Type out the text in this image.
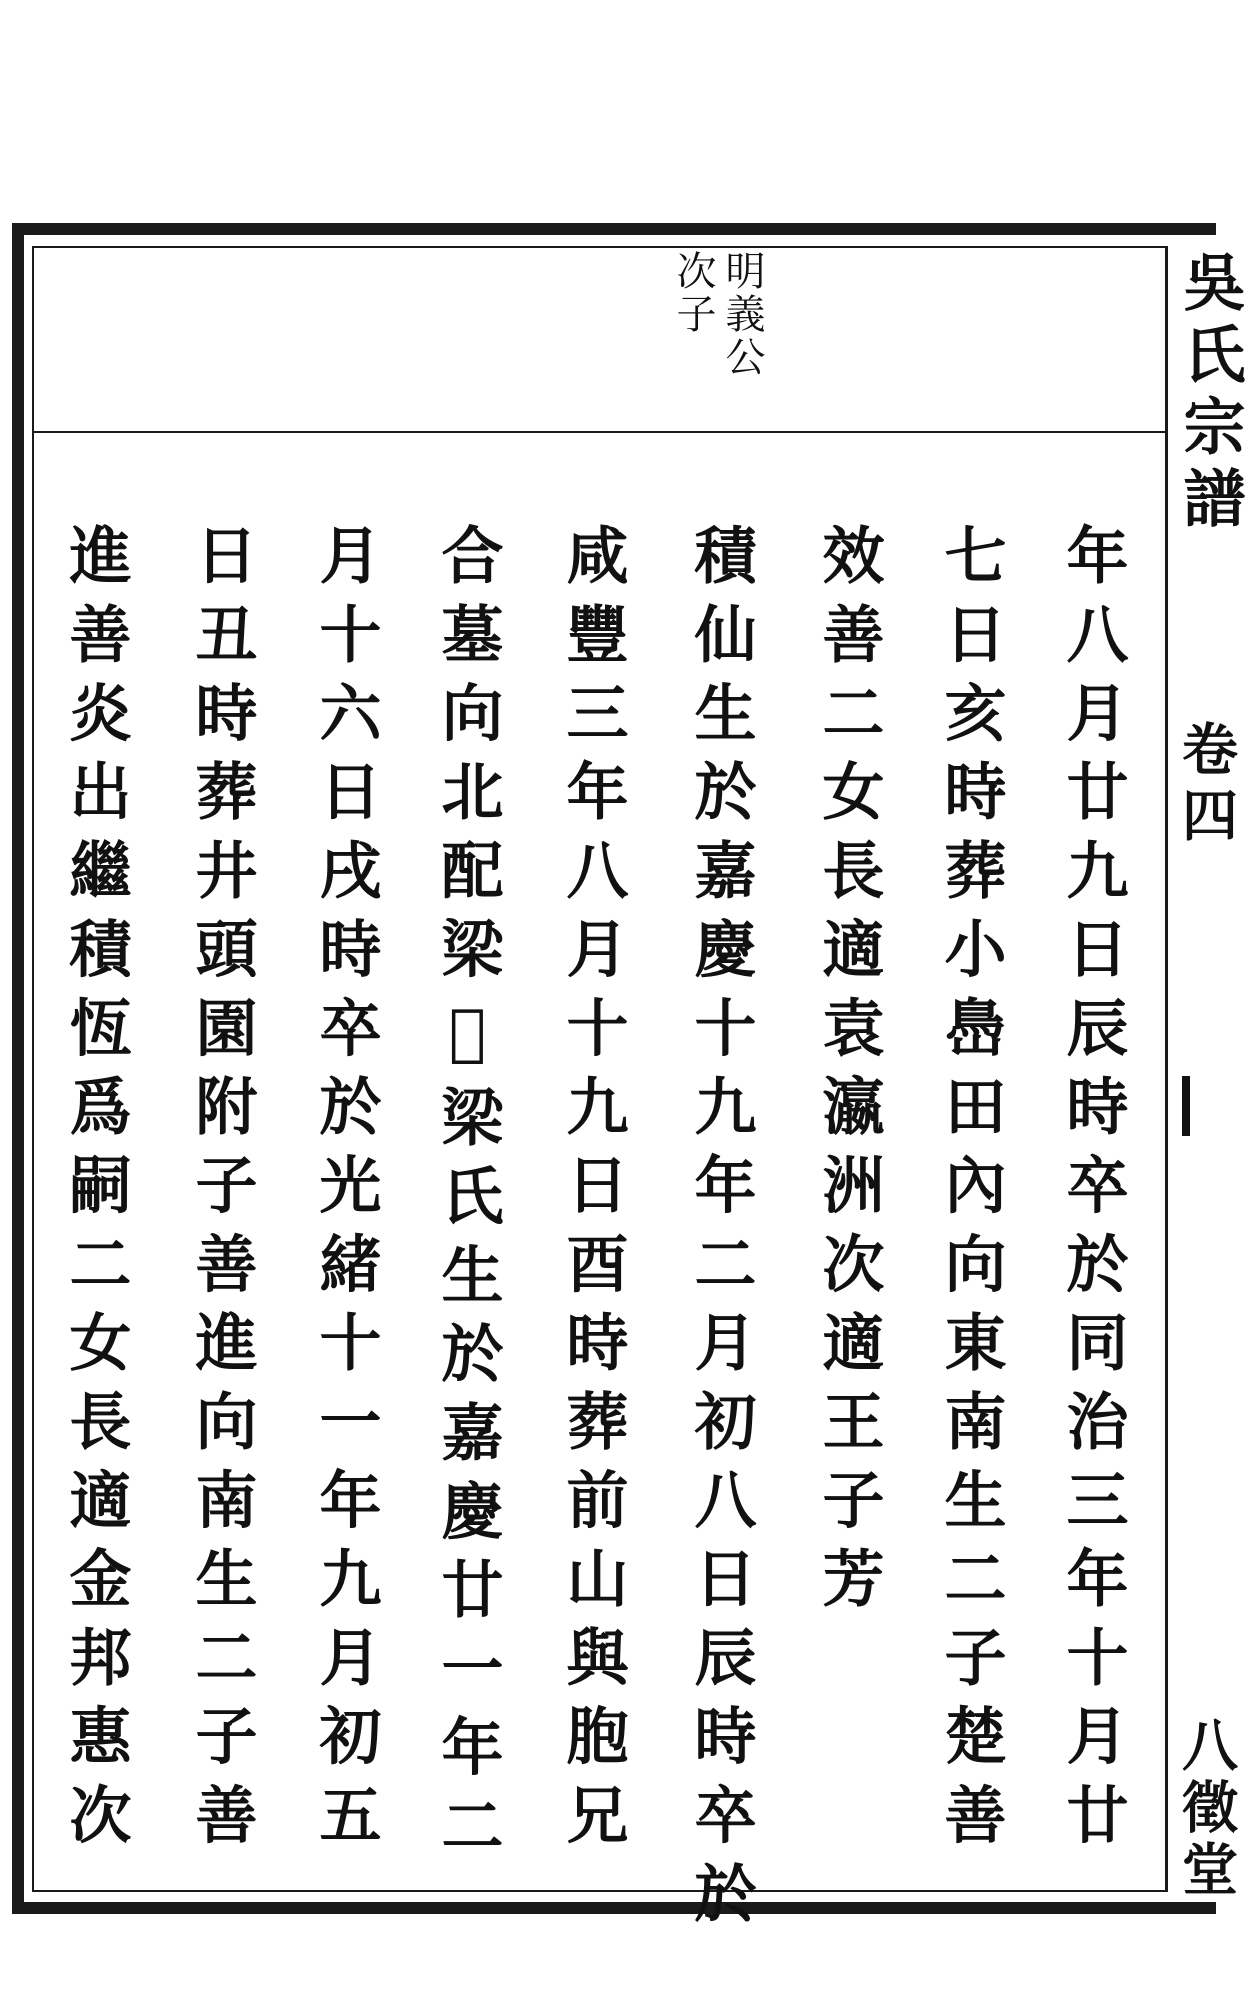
明義公
次子
年八月廿九日辰時卒於同治三年十月廿
七日亥時葬小㠀田內向東南生二子楚善
效善二女長適袁瀛洲次適王子芳
積仙生於嘉慶十九年二月初八日辰時卒於
咸豐三年八月十九日酉時葬前山與胞兄
合墓向北配梁𨹧梁氏生於嘉慶廿一年二
月十六日戌時卒於光緒十一年九月初五
日丑時葬井頭園附子善進向南生二子善
進善炎出繼積恆爲嗣二女長適金邦惠次
吳氏宗譜
卷四
八徵堂
